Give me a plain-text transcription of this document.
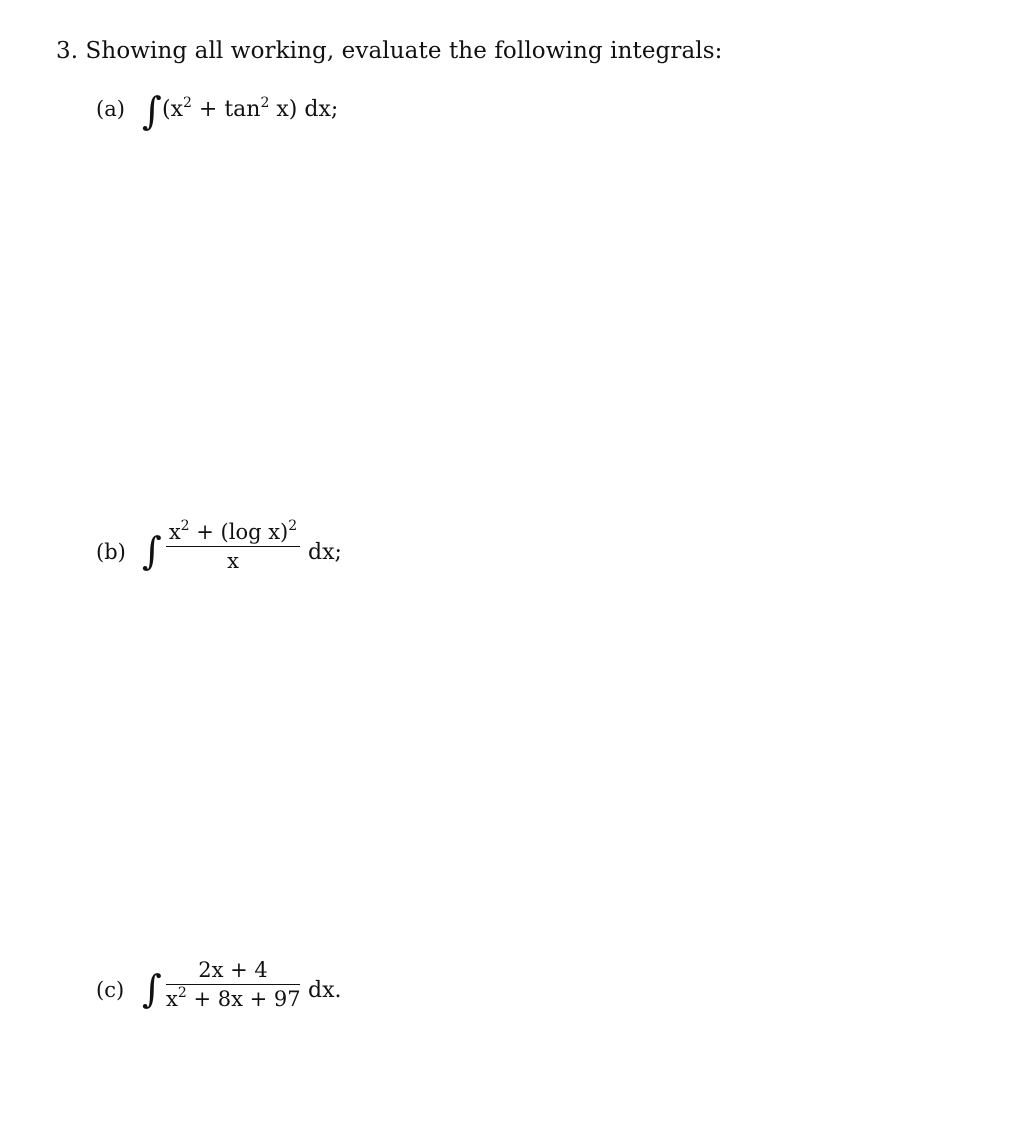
3. Showing all working, evaluate the following integrals:
(a) ∫ $(x^2 + \tan^2 x)$ dx;
(b) ∫ $x^2 + (\log$ x)$^2$
x	dx;
(c) ∫	2x + 4
$x^2 + 8x + 97$ dx.
